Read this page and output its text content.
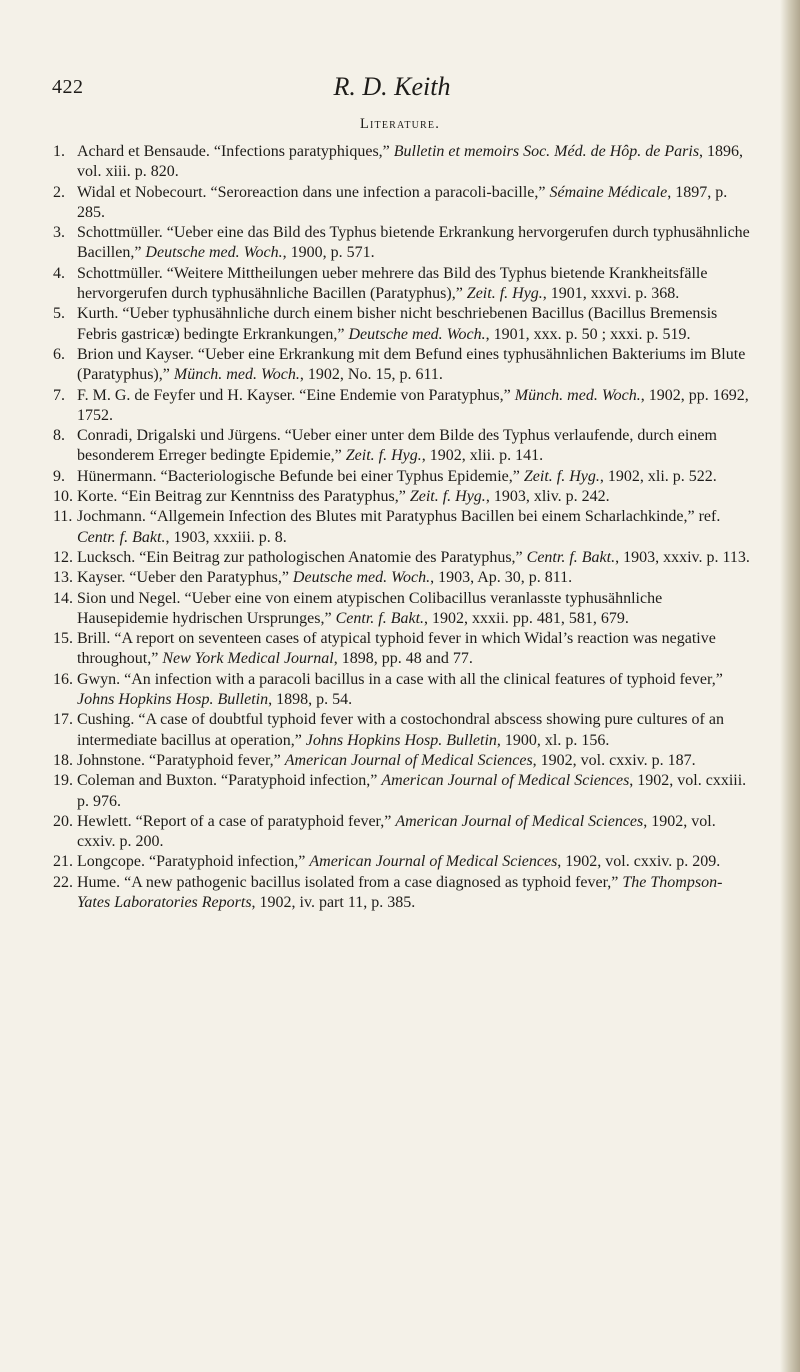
422	R. D. Keith
Literature.
1. Achard et Bensaude. “Infections paratyphiques,” Bulletin et memoirs Soc. Méd. de Hôp. de Paris, 1896, vol. xiii. p. 820.
2. Widal et Nobecourt. “Seroreaction dans une infection a paracoli-bacille,” Sémaine Médicale, 1897, p. 285.
3. Schottmüller. “Ueber eine das Bild des Typhus bietende Erkrankung hervorgerufen durch typhusähnliche Bacillen,” Deutsche med. Woch., 1900, p. 571.
4. Schottmüller. “Weitere Mittheilungen ueber mehrere das Bild des Typhus bietende Krankheitsfälle hervorgerufen durch typhusähnliche Bacillen (Paratyphus),” Zeit. f. Hyg., 1901, xxxvi. p. 368.
5. Kurth. “Ueber typhusähnliche durch einem bisher nicht beschriebenen Bacillus (Bacillus Bremensis Febris gastricæ) bedingte Erkrankungen,” Deutsche med. Woch., 1901, xxx. p. 50 ; xxxi. p. 519.
6. Brion und Kayser. “Ueber eine Erkrankung mit dem Befund eines typhusähnlichen Bakteriums im Blute (Paratyphus),” Münch. med. Woch., 1902, No. 15, p. 611.
7. F. M. G. de Feyfer und H. Kayser. “Eine Endemie von Paratyphus,” Münch. med. Woch., 1902, pp. 1692, 1752.
8. Conradi, Drigalski und Jürgens. “Ueber einer unter dem Bilde des Typhus verlaufende, durch einem besonderem Erreger bedingte Epidemie,” Zeit. f. Hyg., 1902, xlii. p. 141.
9. Hünermann. “Bacteriologische Befunde bei einer Typhus Epidemie,” Zeit. f. Hyg., 1902, xli. p. 522.
10. Korte. “Ein Beitrag zur Kenntniss des Paratyphus,” Zeit. f. Hyg., 1903, xliv. p. 242.
11. Jochmann. “Allgemein Infection des Blutes mit Paratyphus Bacillen bei einem Scharlachkinde,” ref. Centr. f. Bakt., 1903, xxxiii. p. 8.
12. Lucksch. “Ein Beitrag zur pathologischen Anatomie des Paratyphus,” Centr. f. Bakt., 1903, xxxiv. p. 113.
13. Kayser. “Ueber den Paratyphus,” Deutsche med. Woch., 1903, Ap. 30, p. 811.
14. Sion und Negel. “Ueber eine von einem atypischen Colibacillus veranlasste typhusähnliche Hausepidemie hydrischen Ursprunges,” Centr. f. Bakt., 1902, xxxii. pp. 481, 581, 679.
15. Brill. “A report on seventeen cases of atypical typhoid fever in which Widal’s reaction was negative throughout,” New York Medical Journal, 1898, pp. 48 and 77.
16. Gwyn. “An infection with a paracoli bacillus in a case with all the clinical features of typhoid fever,” Johns Hopkins Hosp. Bulletin, 1898, p. 54.
17. Cushing. “A case of doubtful typhoid fever with a costochondral abscess showing pure cultures of an intermediate bacillus at operation,” Johns Hopkins Hosp. Bulletin, 1900, xl. p. 156.
18. Johnstone. “Paratyphoid fever,” American Journal of Medical Sciences, 1902, vol. cxxiv. p. 187.
19. Coleman and Buxton. “Paratyphoid infection,” American Journal of Medical Sciences, 1902, vol. cxxiii. p. 976.
20. Hewlett. “Report of a case of paratyphoid fever,” American Journal of Medical Sciences, 1902, vol. cxxiv. p. 200.
21. Longcope. “Paratyphoid infection,” American Journal of Medical Sciences, 1902, vol. cxxiv. p. 209.
22. Hume. “A new pathogenic bacillus isolated from a case diagnosed as typhoid fever,” The Thompson-Yates Laboratories Reports, 1902, iv. part 11, p. 385.
